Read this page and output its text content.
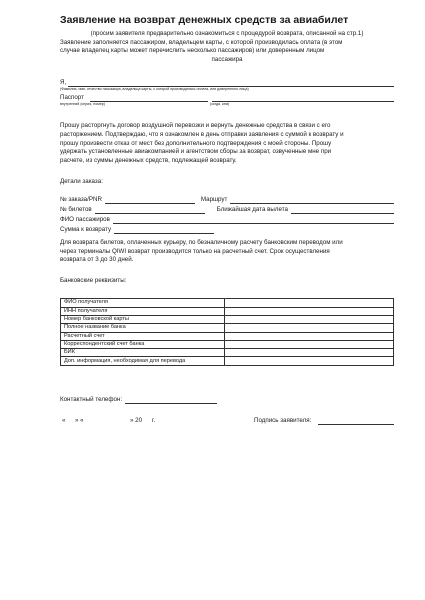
Заявление на возврат денежных средств за авиабилет

(просим заявителя предварительно ознакомиться с процедурой возврата, описанной на стр.1)

Заявление заполняется пассажиром, владельцем карты, с которой производилась оплата (в этом

случае владелец карты может перечислить несколько пассажиров) или доверенным лицом

пассажира

Я,
(Фамилия, имя, отчество пассажира, владельца карты, с которой производилась оплата, или доверенного лица)
Паспорт
внутренний (серия, номер)	(когда, кем)

Прошу расторгнуть договор воздушной перевозки и вернуть денежные средства в связи с его

расторжением. Подтверждаю, что я ознакомлен в день отправки заявления с суммой к возврату и

прошу произвести отказ от мест без дополнительного подтверждения с моей стороны. Прошу

удержать установленные авиакомпанией и агентством сборы за возврат, озвученные мне при

расчете, из суммы денежных средств, подлежащей возврату.

Детали заказа:

№ заказа/PNR	Маршрут
№ билетов	Ближайшая дата вылета
ФИО пассажиров
Сумма к возврату

Для возврата билетов, оплаченных курьеру, по безналичному расчету банковским переводом или

через терминалы QIWI возврат производится только на расчетный счет. Срок осуществления

возврата от 3 до 30 дней.

Банковские реквизиты:

ФИО получателя	
ИНН получателя	
Номер банковской карты	
Полное название банка	
Расчетный счет	
Корреспондентский счет банка	
БИК	
Доп. информация, необходимая для перевода	
Контактный телефон:
« » «	» 20 г.	Подпись заявителя:
